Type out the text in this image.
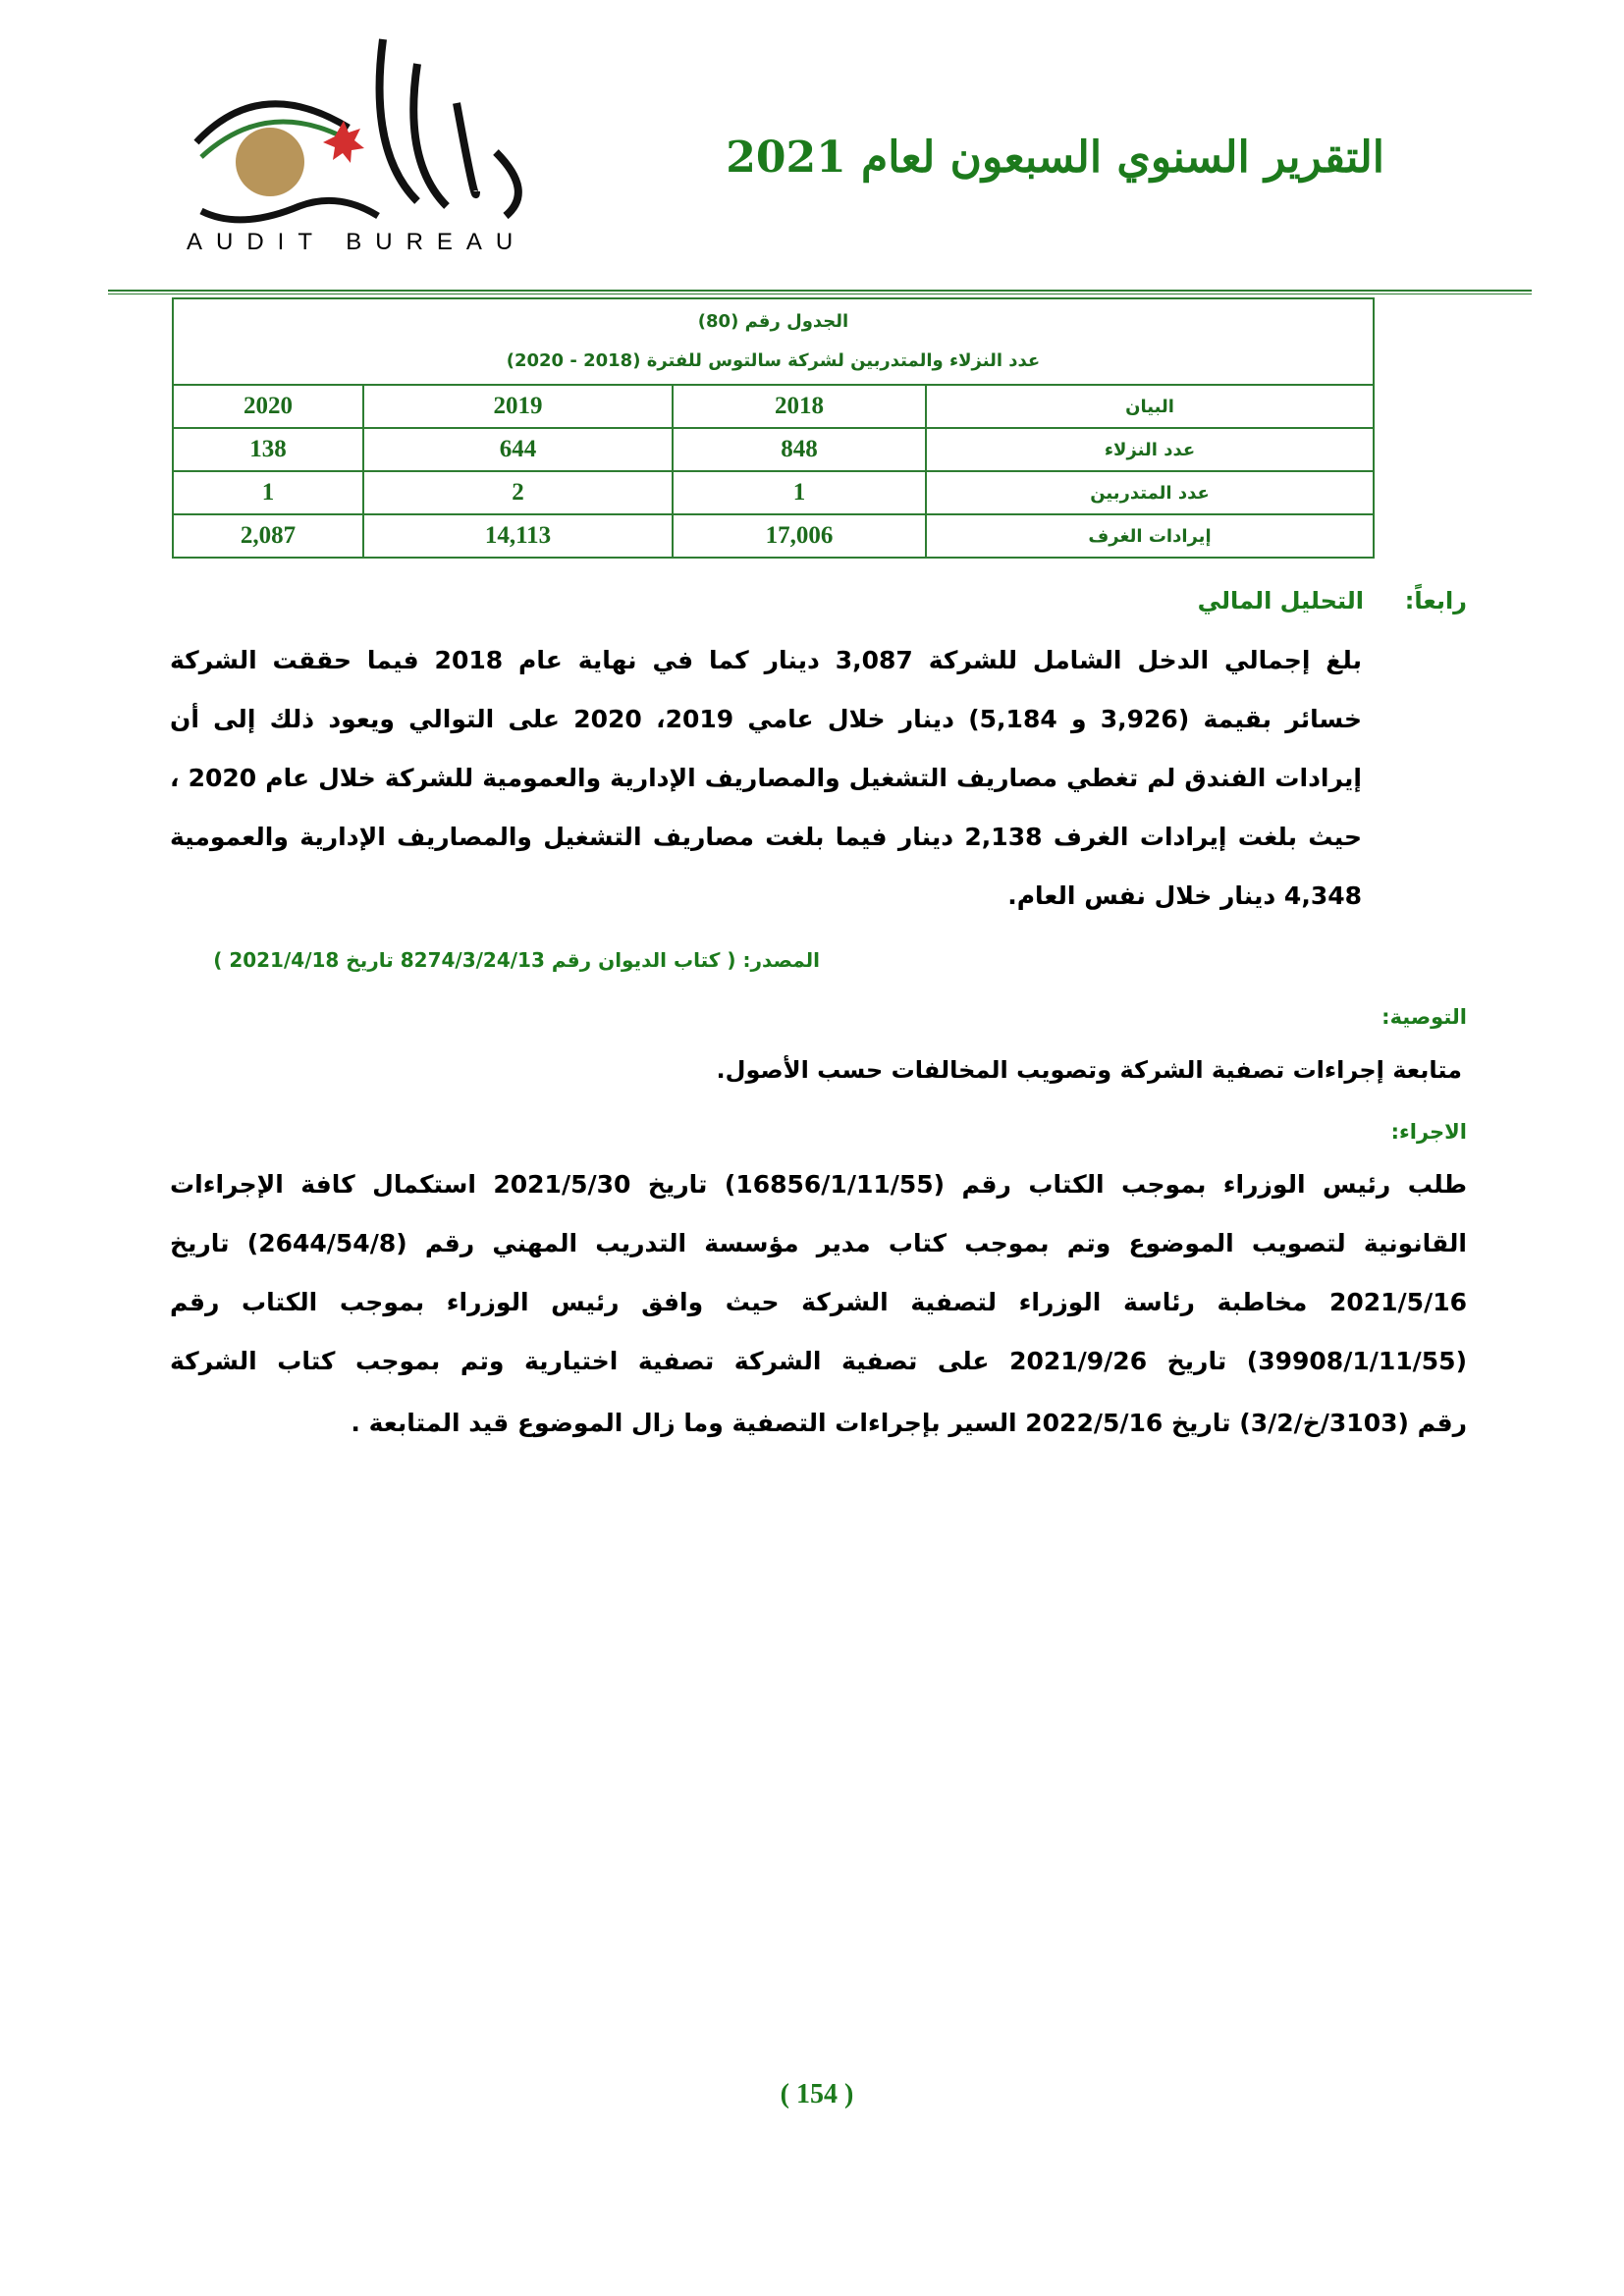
AUDIT BUREAU
التقرير السنوي السبعون لعام 2021
الجدول رقم (80)
عدد النزلاء والمتدربين لشركة سالتوس للفترة (2018 - 2020)			

البيان	2018	2019	2020
عدد النزلاء	848	644	138
عدد المتدربين	1	2	1
إيرادات الغرف	17,006	14,113	2,087
رابعاً:
التحليل المالي
بلغ إجمالي الدخل الشامل للشركة 3,087 دينار كما في نهاية عام 2018 فيما حققت الشركة
خسائر بقيمة (3,926 و 5,184) دينار خلال عامي 2019، 2020 على التوالي ويعود ذلك إلى أن
إيرادات الفندق لم تغطي مصاريف التشغيل والمصاريف الإدارية والعمومية للشركة خلال عام 2020 ،
حيث بلغت إيرادات الغرف 2,138 دينار فيما بلغت مصاريف التشغيل والمصاريف الإدارية والعمومية
4,348 دينار خلال نفس العام.
المصدر: ( كتاب الديوان رقم 8274/3/24/13 تاريخ 2021/4/18 )
التوصية:
متابعة إجراءات تصفية الشركة وتصويب المخالفات حسب الأصول.
الاجراء:
طلب رئيس الوزراء بموجب الكتاب رقم (16856/1/11/55) تاريخ 2021/5/30 استكمال كافة الإجراءات
القانونية لتصويب الموضوع وتم بموجب كتاب مدير مؤسسة التدريب المهني رقم (2644/54/8) تاريخ
2021/5/16 مخاطبة رئاسة الوزراء لتصفية الشركة حيث وافق رئيس الوزراء بموجب الكتاب رقم
(39908/1/11/55) تاريخ 2021/9/26 على تصفية الشركة تصفية اختيارية وتم بموجب كتاب الشركة
رقم (3103/خ/3/2) تاريخ 2022/5/16 السير بإجراءات التصفية وما زال الموضوع قيد المتابعة .
( 154 )
